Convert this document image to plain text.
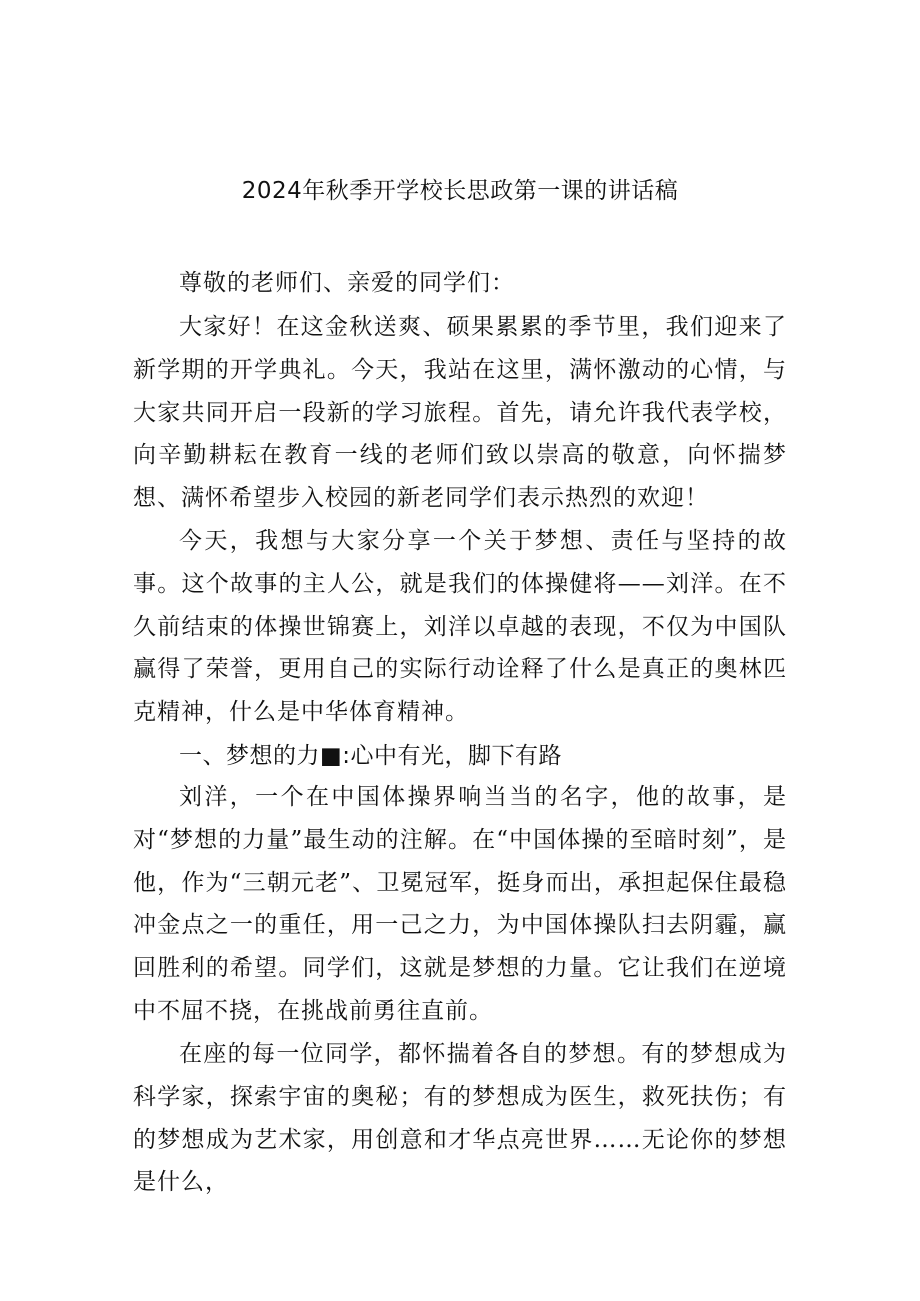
2024年秋季开学校长思政第一课的讲话稿

尊敬的老师们、亲爱的同学们：

大家好！在这金秋送爽、硕果累累的季节里，我们迎来了新学期的开学典礼。今天，我站在这里，满怀激动的心情，与大家共同开启一段新的学习旅程。首先，请允许我代表学校，向辛勤耕耘在教育一线的老师们致以崇高的敬意，向怀揣梦想、满怀希望步入校园的新老同学们表示热烈的欢迎！

今天，我想与大家分享一个关于梦想、责任与坚持的故事。这个故事的主人公，就是我们的体操健将——刘洋。在不久前结束的体操世锦赛上，刘洋以卓越的表现，不仅为中国队赢得了荣誉，更用自己的实际行动诠释了什么是真正的奥林匹克精神，什么是中华体育精神。

一、梦想的力■:心中有光，脚下有路

刘洋，一个在中国体操界响当当的名字，他的故事，是对“梦想的力量”最生动的注解。在“中国体操的至暗时刻”，是他，作为“三朝元老”、卫冕冠军，挺身而出，承担起保住最稳冲金点之一的重任，用一己之力，为中国体操队扫去阴霾，赢回胜利的希望。同学们，这就是梦想的力量。它让我们在逆境中不屈不挠，在挑战前勇往直前。

在座的每一位同学，都怀揣着各自的梦想。有的梦想成为科学家，探索宇宙的奥秘；有的梦想成为医生，救死扶伤；有的梦想成为艺术家，用创意和才华点亮世界……无论你的梦想是什么，
